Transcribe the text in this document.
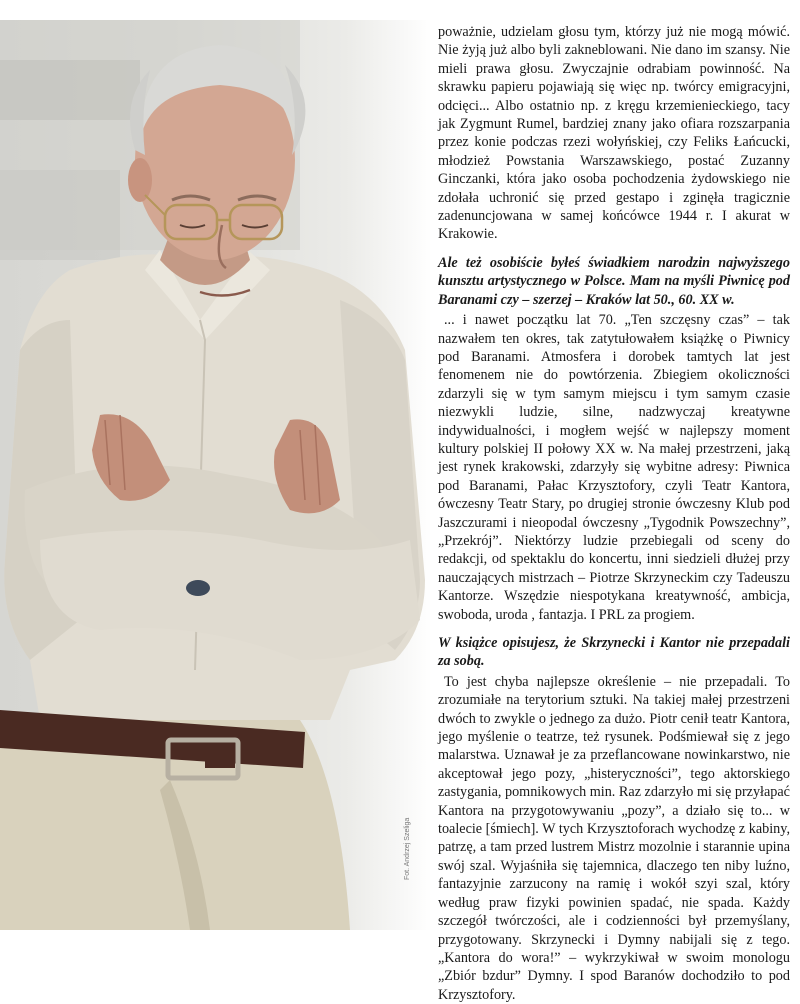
Fot. Andrzej Szeliga

poważnie, udzielam głosu tym, którzy już nie mogą mówić. Nie żyją już albo byli zakneblowani. Nie dano im szansy. Nie mieli prawa głosu. Zwyczajnie odrabiam powinność. Na skrawku papieru pojawiają się więc np. twórcy emigracyjni, odcięci... Albo ostatnio np. z kręgu krzemienieckiego, tacy jak Zygmunt Rumel, bardziej znany jako ofiara rozszarpania przez konie podczas rzezi wołyńskiej, czy Feliks Łańcucki, młodzież Powstania Warszawskiego, postać Zuzanny Ginczanki, która jako osoba pochodzenia żydowskiego nie zdołała uchronić się przed gestapo i zginęła tragicznie zadenuncjowana w samej końcówce 1944 r. I akurat w Krakowie.

Ale też osobiście byłeś świadkiem narodzin najwyższego kunsztu artystycznego w Polsce. Mam na myśli Piwnicę pod Baranami czy – szerzej – Kraków lat 50., 60. XX w.

... i nawet początku lat 70. „Ten szczęsny czas” – tak nazwałem ten okres, tak zatytułowałem książkę o Piwnicy pod Baranami. Atmosfera i dorobek tamtych lat jest fenomenem nie do powtórzenia. Zbiegiem okoliczności zdarzyli się w tym samym miejscu i tym samym czasie niezwykli ludzie, silne, nadzwyczaj kreatywne indywidualności, i mogłem wejść w najlepszy moment kultury polskiej II połowy XX w. Na małej przestrzeni, jaką jest rynek krakowski, zdarzyły się wybitne adresy: Piwnica pod Baranami, Pałac Krzysztofory, czyli Teatr Kantora, ówczesny Teatr Stary, po drugiej stronie ówczesny Klub pod Jaszczurami i nieopodal ówczesny „Tygodnik Powszechny”, „Przekrój”. Niektórzy ludzie przebiegali od sceny do redakcji, od spektaklu do koncertu, inni siedzieli dłużej przy nauczających mistrzach – Piotrze Skrzyneckim czy Tadeuszu Kantorze. Wszędzie niespotykana kreatywność, ambicja, swoboda, uroda , fantazja. I PRL za progiem.

W książce opisujesz, że Skrzynecki i Kantor nie przepadali za sobą.

To jest chyba najlepsze określenie – nie przepadali. To zrozumiałe na terytorium sztuki. Na takiej małej przestrzeni dwóch to zwykle o jednego za dużo. Piotr cenił teatr Kantora, jego myślenie o teatrze, też rysunek. Podśmiewał się z jego malarstwa. Uznawał je za przeflancowane nowinkarstwo, nie akceptował jego pozy, „histeryczności”, tego aktorskiego zastygania, pomnikowych min. Raz zdarzyło mi się przyłapać Kantora na przygotowywaniu „pozy”, a działo się to... w toalecie [śmiech]. W tych Krzysztoforach wychodzę z kabiny, patrzę, a tam przed lustrem Mistrz mozolnie i starannie upina swój szal. Wyjaśniła się tajemnica, dlaczego ten niby luźno, fantazyjnie zarzucony na ramię i wokół szyi szal, który według praw fizyki powinien spadać, nie spada. Każdy szczegół twórczości, ale i codzienności był przemyślany, przygotowany. Skrzynecki i Dymny nabijali się z tego. „Kantora do wora!” – wykrzykiwał w swoim monologu „Zbiór bzdur” Dymny. I spod Baranów dochodziło to pod Krzysztofory.
